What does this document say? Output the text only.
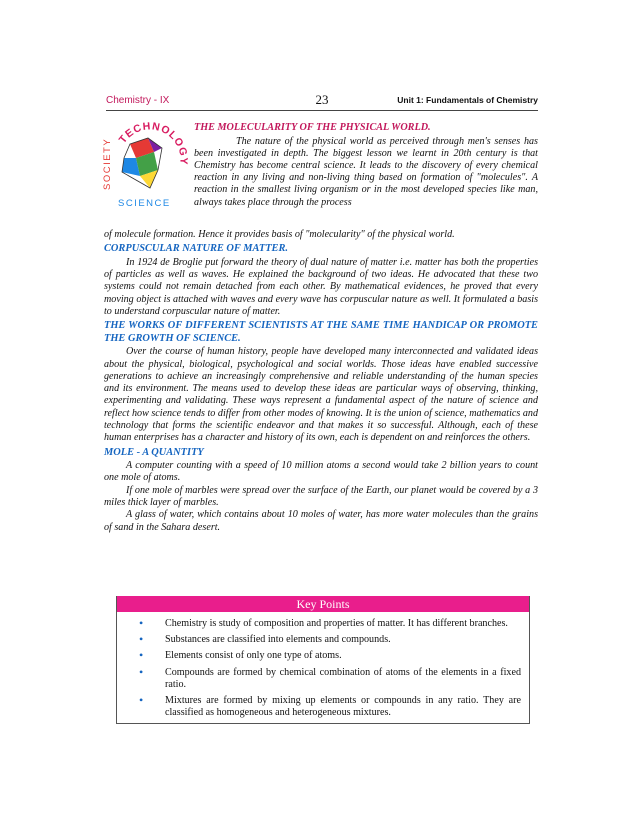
Chemistry - IX	23	Unit 1: Fundamentals of Chemistry
SOCIETY TECHNOLOGY
SCIENCE
THE MOLECULARITY OF THE PHYSICAL WORLD.

The nature of the physical world as perceived through men's senses has been investigated in depth. The biggest lesson we learnt in 20th century is that Chemistry has become central science. It leads to the discovery of every chemical reaction in any living and non-living thing based on formation of "molecules". A reaction in the smallest living organism or in the most developed species like man, always takes place through the process

of molecule formation. Hence it provides basis of "molecularity" of the physical world.

CORPUSCULAR NATURE OF MATTER.

In 1924 de Broglie put forward the theory of dual nature of matter i.e. matter has both the properties of particles as well as waves. He explained the background of two ideas. He advocated that these two systems could not remain detached from each other. By mathematical evidences, he proved that every moving object is attached with waves and every wave has corpuscular nature as well. It formulated a basis to understand corpuscular nature of matter.

THE WORKS OF DIFFERENT SCIENTISTS AT THE SAME TIME HANDICAP OR PROMOTE THE GROWTH OF SCIENCE.

Over the course of human history, people have developed many interconnected and validated ideas about the physical, biological, psychological and social worlds. Those ideas have enabled successive generations to achieve an increasingly comprehensive and reliable understanding of the human species and its environment. The means used to develop these ideas are particular ways of observing, thinking, experimenting and validating. These ways represent a fundamental aspect of the nature of science and reflect how science tends to differ from other modes of knowing. It is the union of science, mathematics and technology that forms the scientific endeavor and that makes it so successful. Although, each of these human enterprises has a character and history of its own, each is dependent on and reinforces the others.

MOLE - A QUANTITY

A computer counting with a speed of 10 million atoms a second would take 2 billion years to count one mole of atoms.

If one mole of marbles were spread over the surface of the Earth, our planet would be covered by a 3 miles thick layer of marbles.

A glass of water, which contains about 10 moles of water, has more water molecules than the grains of sand in the Sahara desert.

Key Points
• Chemistry is study of composition and properties of matter. It has different branches.
• Substances are classified into elements and compounds.
• Elements consist of only one type of atoms.
• Compounds are formed by chemical combination of atoms of the elements in a fixed ratio.
• Mixtures are formed by mixing up elements or compounds in any ratio. They are classified as homogeneous and heterogeneous mixtures.
